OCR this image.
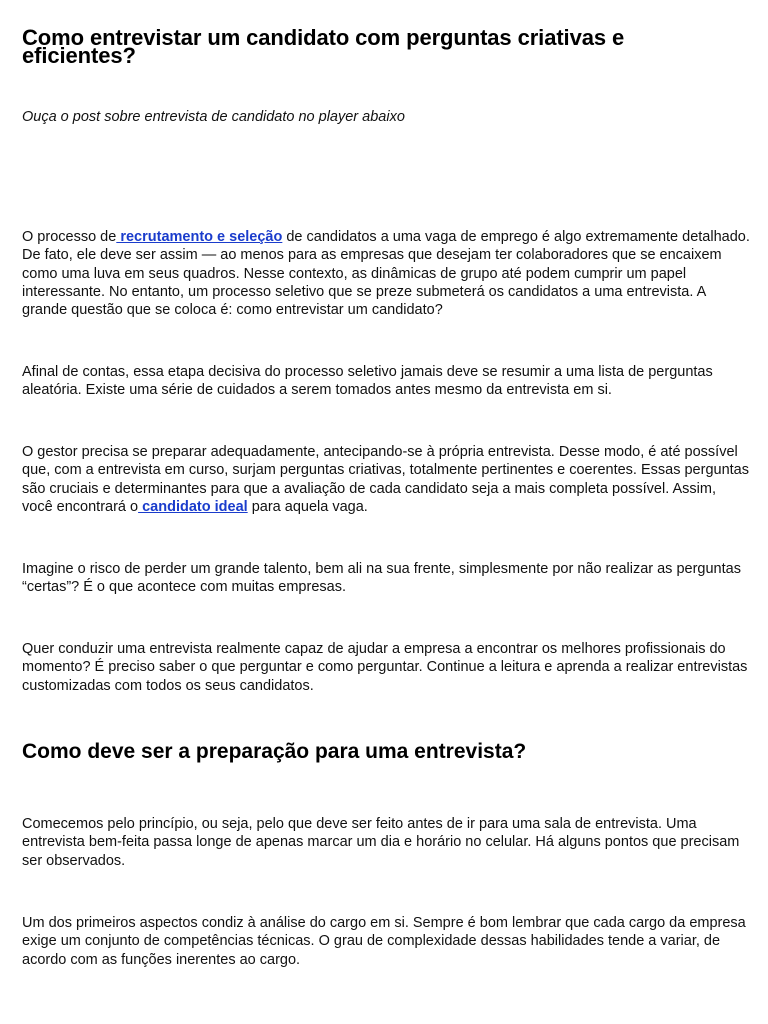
Como entrevistar um candidato com perguntas criativas e eficientes?
Ouça o post sobre entrevista de candidato no player abaixo

O processo de recrutamento e seleção de candidatos a uma vaga de emprego é algo extremamente detalhado. De fato, ele deve ser assim — ao menos para as empresas que desejam ter colaboradores que se encaixem como uma luva em seus quadros. Nesse contexto, as dinâmicas de grupo até podem cumprir um papel interessante. No entanto, um processo seletivo que se preze submeterá os candidatos a uma entrevista. A grande questão que se coloca é: como entrevistar um candidato?

Afinal de contas, essa etapa decisiva do processo seletivo jamais deve se resumir a uma lista de perguntas aleatória. Existe uma série de cuidados a serem tomados antes mesmo da entrevista em si.

O gestor precisa se preparar adequadamente, antecipando-se à própria entrevista. Desse modo, é até possível que, com a entrevista em curso, surjam perguntas criativas, totalmente pertinentes e coerentes. Essas perguntas são cruciais e determinantes para que a avaliação de cada candidato seja a mais completa possível. Assim, você encontrará o candidato ideal para aquela vaga.

Imagine o risco de perder um grande talento, bem ali na sua frente, simplesmente por não realizar as perguntas “certas”? É o que acontece com muitas empresas.

Quer conduzir uma entrevista realmente capaz de ajudar a empresa a encontrar os melhores profissionais do momento? É preciso saber o que perguntar e como perguntar. Continue a leitura e aprenda a realizar entrevistas customizadas com todos os seus candidatos.

Como deve ser a preparação para uma entrevista?

Comecemos pelo princípio, ou seja, pelo que deve ser feito antes de ir para uma sala de entrevista. Uma entrevista bem-feita passa longe de apenas marcar um dia e horário no celular. Há alguns pontos que precisam ser observados.

Um dos primeiros aspectos condiz à análise do cargo em si. Sempre é bom lembrar que cada cargo da empresa exige um conjunto de competências técnicas. O grau de complexidade dessas habilidades tende a variar, de acordo com as funções inerentes ao cargo.
